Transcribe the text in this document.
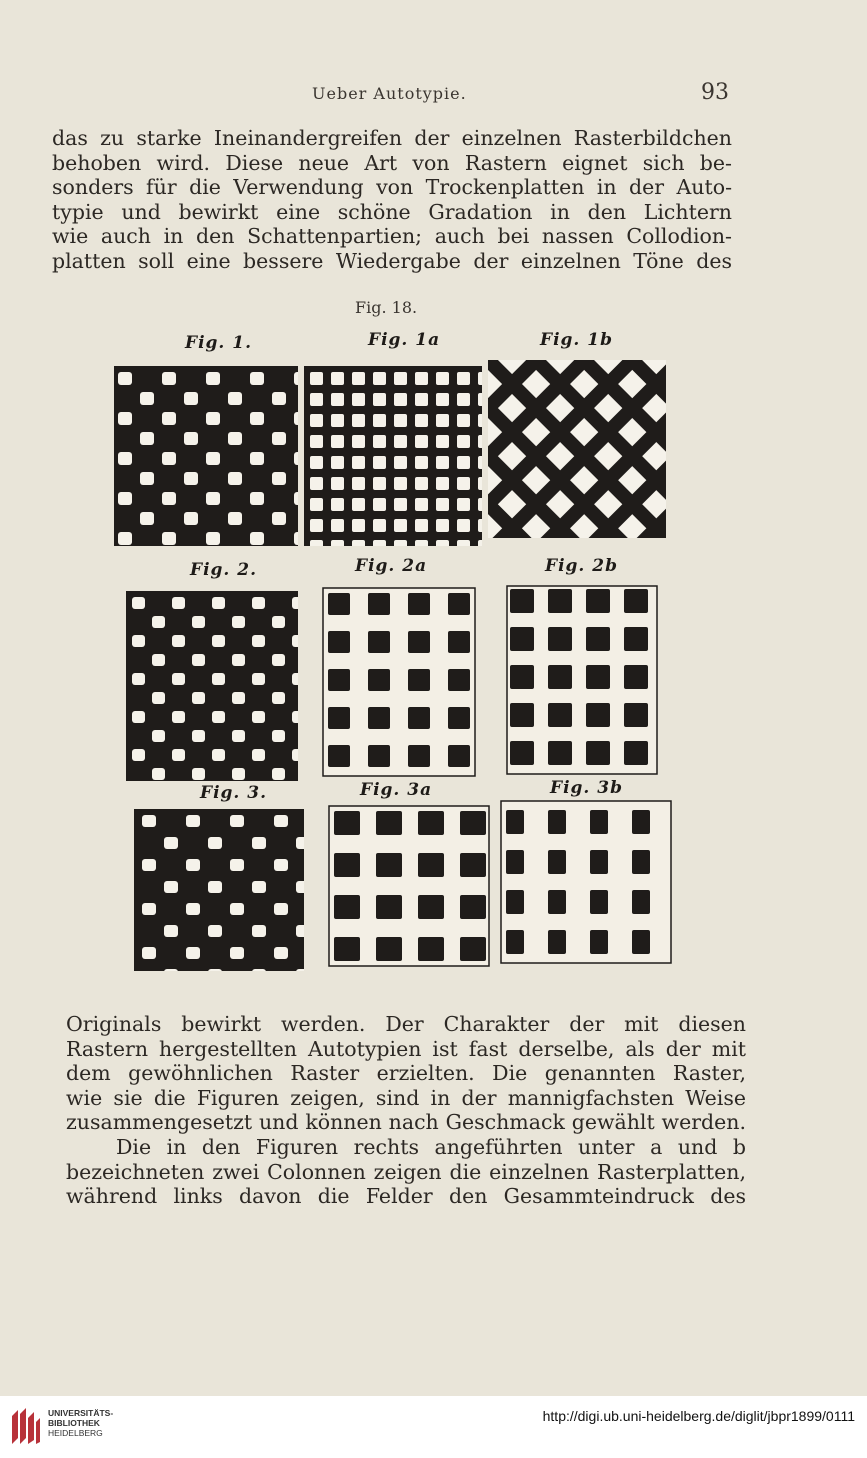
Ueber Autotypie.	93
das zu starke Ineinandergreifen der einzelnen Rasterbildchen
behoben wird. Diese neue Art von Rastern eignet sich be-
sonders für die Verwendung von Trockenplatten in der Auto-
typie und bewirkt eine schöne Gradation in den Lichtern
wie auch in den Schattenpartien; auch bei nassen Collodion-
platten soll eine bessere Wiedergabe der einzelnen Töne des
Fig. 18.
Fig. 1.	Fig. 1a	Fig. 1b
Fig. 2.	Fig. 2a	Fig. 2b
Fig. 3.	Fig. 3a	Fig. 3b
Originals bewirkt werden. Der Charakter der mit diesen
Rastern hergestellten Autotypien ist fast derselbe, als der mit
dem gewöhnlichen Raster erzielten. Die genannten Raster,
wie sie die Figuren zeigen, sind in der mannigfachsten Weise
zusammengesetzt und können nach Geschmack gewählt werden.
Die in den Figuren rechts angeführten unter a und b
bezeichneten zwei Colonnen zeigen die einzelnen Rasterplatten,
während links davon die Felder den Gesammteindruck des
UNIVERSITÄTS-
BIBLIOTHEK
HEIDELBERG
http://digi.ub.uni-heidelberg.de/diglit/jbpr1899/0111
